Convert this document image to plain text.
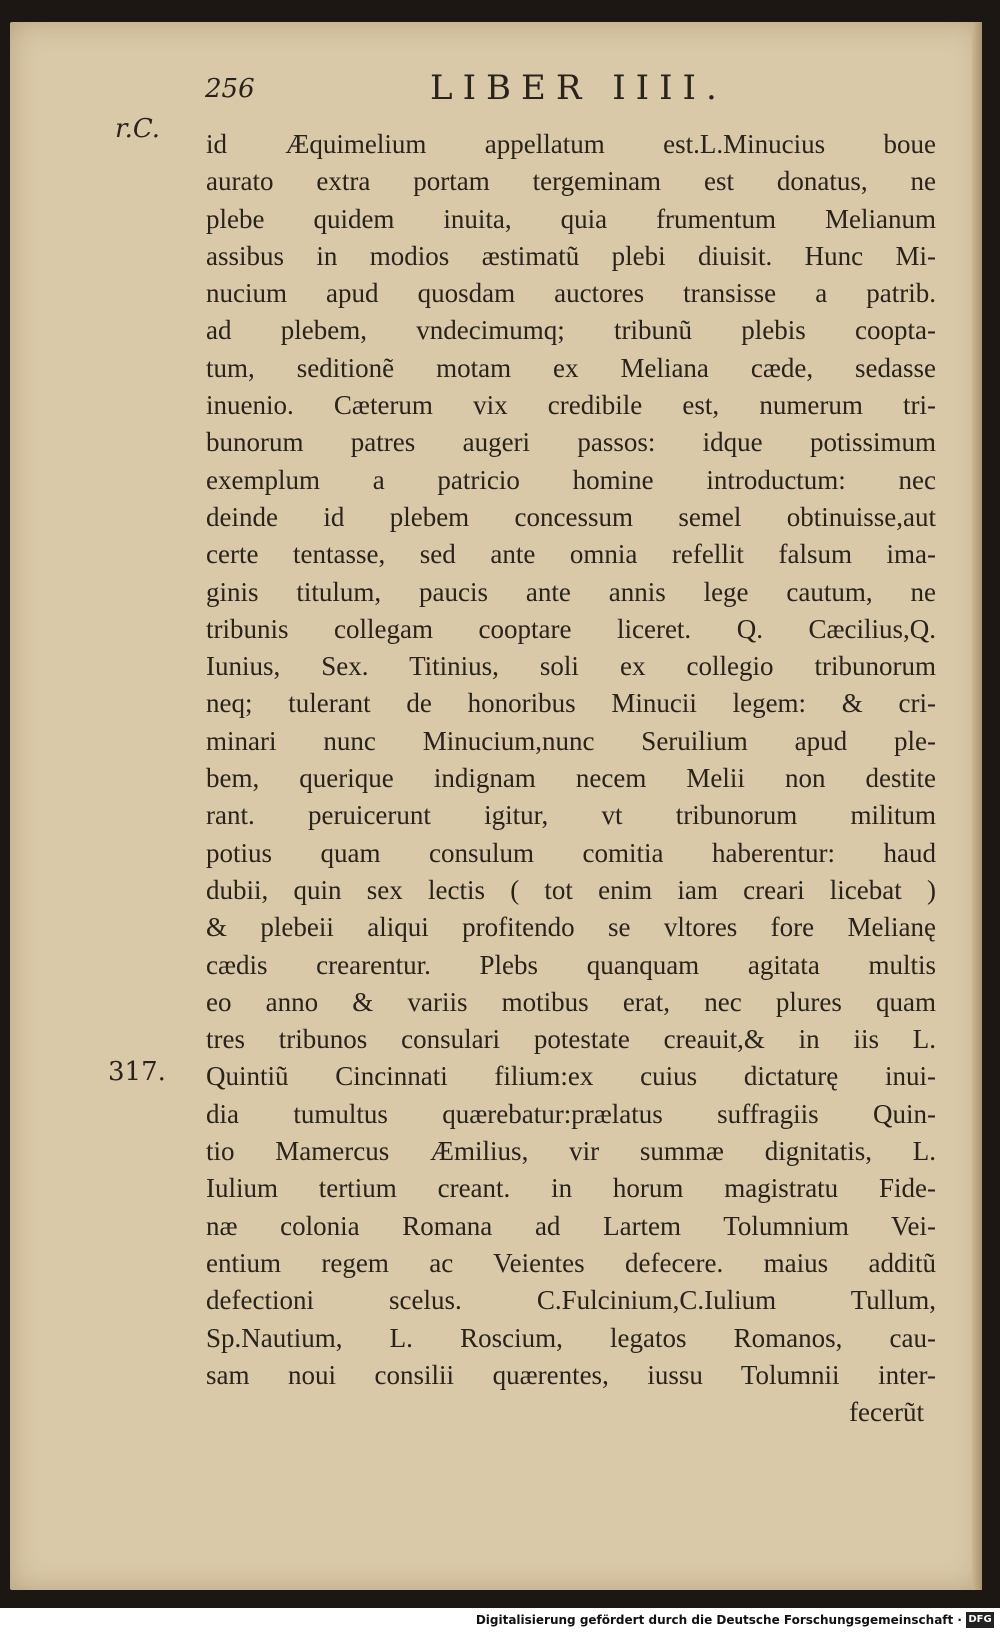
256	LIBER IIII.
r.C.
317.
id Æquimelium appellatum est.L.Minucius boue
aurato extra portam tergeminam est donatus, ne
plebe quidem inuita, quia frumentum Melianum
assibus in modios æstimatũ plebi diuisit. Hunc Mi-
nucium apud quosdam auctores transisse a patrib.
ad plebem, vndecimumq; tribunũ plebis coopta-
tum, seditionẽ motam ex Meliana cæde, sedasse
inuenio. Cæterum vix credibile est, numerum tri-
bunorum patres augeri passos: idque potissimum
exemplum a patricio homine introductum: nec
deinde id plebem concessum semel obtinuisse,aut
certe tentasse, sed ante omnia refellit falsum ima-
ginis titulum, paucis ante annis lege cautum, ne
tribunis collegam cooptare liceret. Q. Cæcilius,Q.
Iunius, Sex. Titinius, soli ex collegio tribunorum
neq; tulerant de honoribus Minucii legem: & cri-
minari nunc Minucium,nunc Seruilium apud ple-
bem, querique indignam necem Melii non destite
rant. peruicerunt igitur, vt tribunorum militum
potius quam consulum comitia haberentur: haud
dubii, quin sex lectis ( tot enim iam creari licebat )
& plebeii aliqui profitendo se vltores fore Melianę
cædis crearentur. Plebs quanquam agitata multis
eo anno & variis motibus erat, nec plures quam
tres tribunos consulari potestate creauit,& in iis L.
Quintiũ Cincinnati filium:ex cuius dictaturę inui-
dia tumultus quærebatur:prælatus suffragiis Quin-
tio Mamercus Æmilius, vir summæ dignitatis, L.
Iulium tertium creant. in horum magistratu Fide-
næ colonia Romana ad Lartem Tolumnium Vei-
entium regem ac Veientes defecere. maius additũ
defectioni scelus. C.Fulcinium,C.Iulium Tullum,
Sp.Nautium, L. Roscium, legatos Romanos, cau-
sam noui consilii quærentes, iussu Tolumnii inter-
fecerũt
Digitalisierung gefördert durch die Deutsche Forschungsgemeinschaft · DFG
